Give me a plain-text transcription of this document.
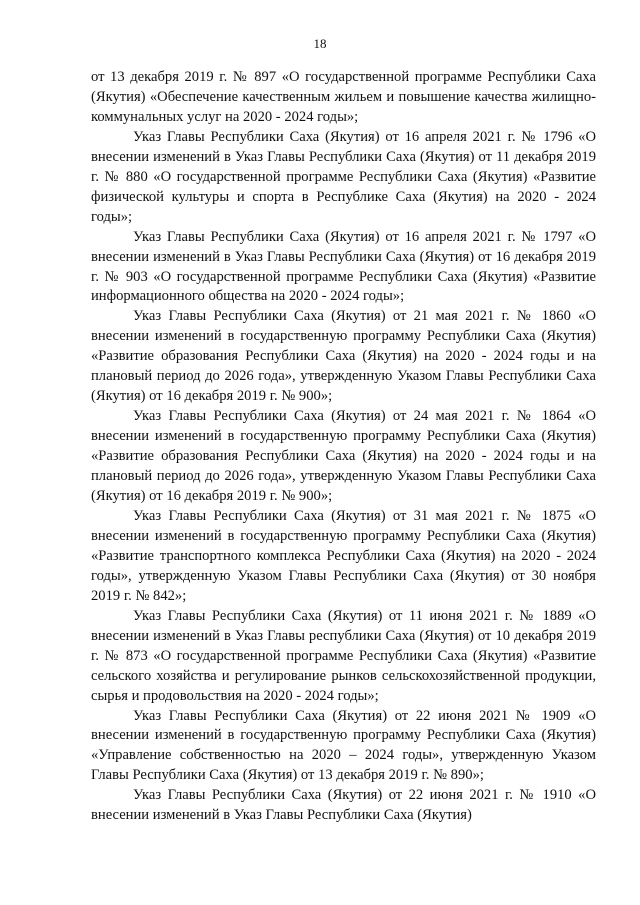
18

от 13 декабря 2019 г. № 897 «О государственной программе Республики Саха (Якутия) «Обеспечение качественным жильем и повышение качества жилищно-коммунальных услуг на 2020 - 2024 годы»;

Указ Главы Республики Саха (Якутия) от 16 апреля 2021 г. № 1796 «О внесении изменений в Указ Главы Республики Саха (Якутия) от 11 декабря 2019 г. № 880 «О государственной программе Республики Саха (Якутия) «Развитие физической культуры и спорта в Республике Саха (Якутия) на 2020 - 2024 годы»;

Указ Главы Республики Саха (Якутия) от 16 апреля 2021 г. № 1797 «О внесении изменений в Указ Главы Республики Саха (Якутия) от 16 декабря 2019 г. № 903 «О государственной программе Республики Саха (Якутия) «Развитие информационного общества на 2020 - 2024 годы»;

Указ Главы Республики Саха (Якутия) от 21 мая 2021 г. № 1860 «О внесении изменений в государственную программу Республики Саха (Якутия) «Развитие образования Республики Саха (Якутия) на 2020 - 2024 годы и на плановый период до 2026 года», утвержденную Указом Главы Республики Саха (Якутия) от 16 декабря 2019 г. № 900»;

Указ Главы Республики Саха (Якутия) от 24 мая 2021 г. № 1864 «О внесении изменений в государственную программу Республики Саха (Якутия) «Развитие образования Республики Саха (Якутия) на 2020 - 2024 годы и на плановый период до 2026 года», утвержденную Указом Главы Республики Саха (Якутия) от 16 декабря 2019 г. № 900»;

Указ Главы Республики Саха (Якутия) от 31 мая 2021 г. № 1875 «О внесении изменений в государственную программу Республики Саха (Якутия) «Развитие транспортного комплекса Республики Саха (Якутия) на 2020 - 2024 годы», утвержденную Указом Главы Республики Саха (Якутия) от 30 ноября 2019 г. № 842»;

Указ Главы Республики Саха (Якутия) от 11 июня 2021 г. № 1889 «О внесении изменений в Указ Главы республики Саха (Якутия) от 10 декабря 2019 г. № 873 «О государственной программе Республики Саха (Якутия) «Развитие сельского хозяйства и регулирование рынков сельскохозяйственной продукции, сырья и продовольствия на 2020 - 2024 годы»;

Указ Главы Республики Саха (Якутия) от 22 июня 2021 № 1909 «О внесении изменений в государственную программу Республики Саха (Якутия) «Управление собственностью на 2020 – 2024 годы», утвержденную Указом Главы Республики Саха (Якутия) от 13 декабря 2019 г. № 890»;

Указ Главы Республики Саха (Якутия) от 22 июня 2021 г. № 1910 «О внесении изменений в Указ Главы Республики Саха (Якутия)
